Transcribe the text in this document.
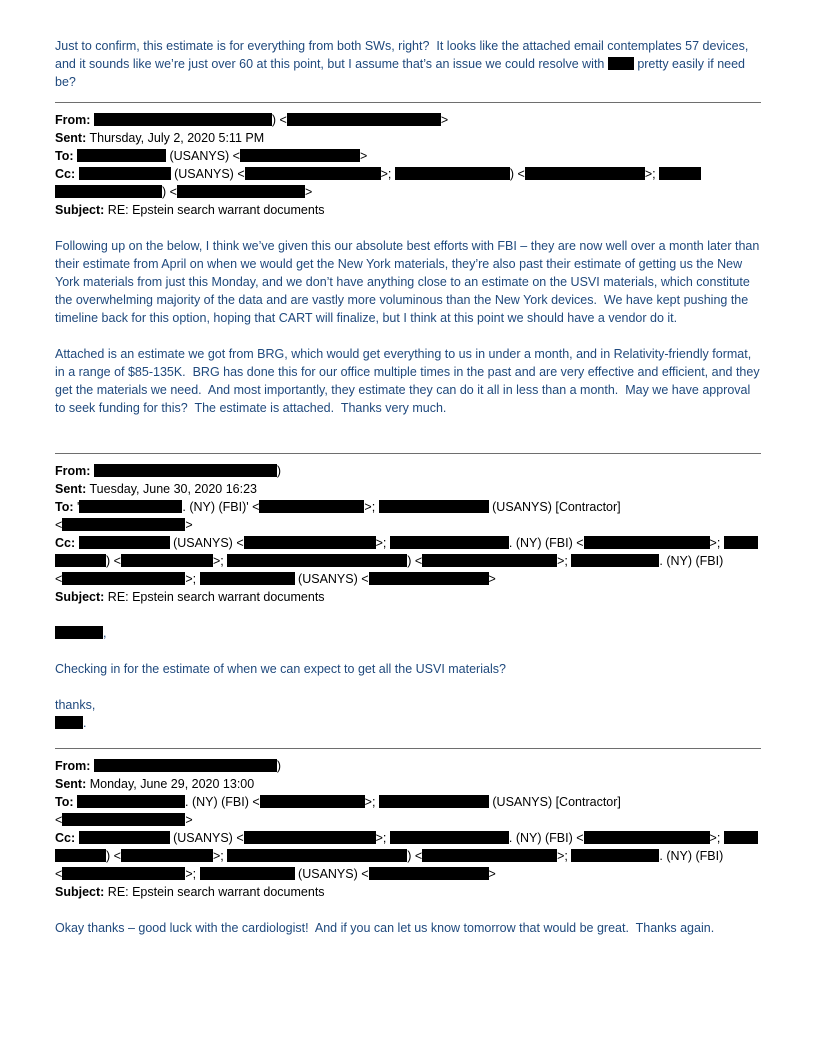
Just to confirm, this estimate is for everything from both SWs, right?  It looks like the attached email contemplates 57 devices, and it sounds like we’re just over 60 at this point, but I assume that’s an issue we could resolve with  pretty easily if need be?
From:	) <	>
Sent: Thursday, July 2, 2020 5:11 PM
To:	(USANYS) <	>
Cc:	(USANYS) <	>;	) <	>;
) <	>
Subject: RE: Epstein search warrant documents
Following up on the below, I think we’ve given this our absolute best efforts with FBI – they are now well over a month later than their estimate from April on when we would get the New York materials, they’re also past their estimate of getting us the New York materials from just this Monday, and we don’t have anything close to an estimate on the USVI materials, which constitute the overwhelming majority of the data and are vastly more voluminous than the New York devices.  We have kept pushing the timeline back for this option, hoping that CART will finalize, but I think at this point we should have a vendor do it.
Attached is an estimate we got from BRG, which would get everything to us in under a month, and in Relativity-friendly format, in a range of $85-135K.  BRG has done this for our office multiple times in the past and are very effective and efficient, and they get the materials we need.  And most importantly, they estimate they can do it all in less than a month.  May we have approval to seek funding for this?  The estimate is attached.  Thanks very much.
From:	)
Sent: Tuesday, June 30, 2020 16:23
To: '	. (NY) (FBI)' <	>;	(USANYS) [Contractor]
<	>
Cc:	(USANYS) <	>;	. (NY) (FBI) <	>;
) <	>;	) <	>;	. (NY) (FBI)
<	>;	(USANYS) <	>
Subject: RE: Epstein search warrant documents
,
Checking in for the estimate of when we can expect to get all the USVI materials?
thanks,
.
From:	)
Sent: Monday, June 29, 2020 13:00
To:	. (NY) (FBI) <	>;	(USANYS) [Contractor]
<	>
Cc:	(USANYS) <	>;	. (NY) (FBI) <	>;
) <	>;	) <	>;	. (NY) (FBI)
<	>;	(USANYS) <	>
Subject: RE: Epstein search warrant documents
Okay thanks – good luck with the cardiologist!  And if you can let us know tomorrow that would be great.  Thanks again.
